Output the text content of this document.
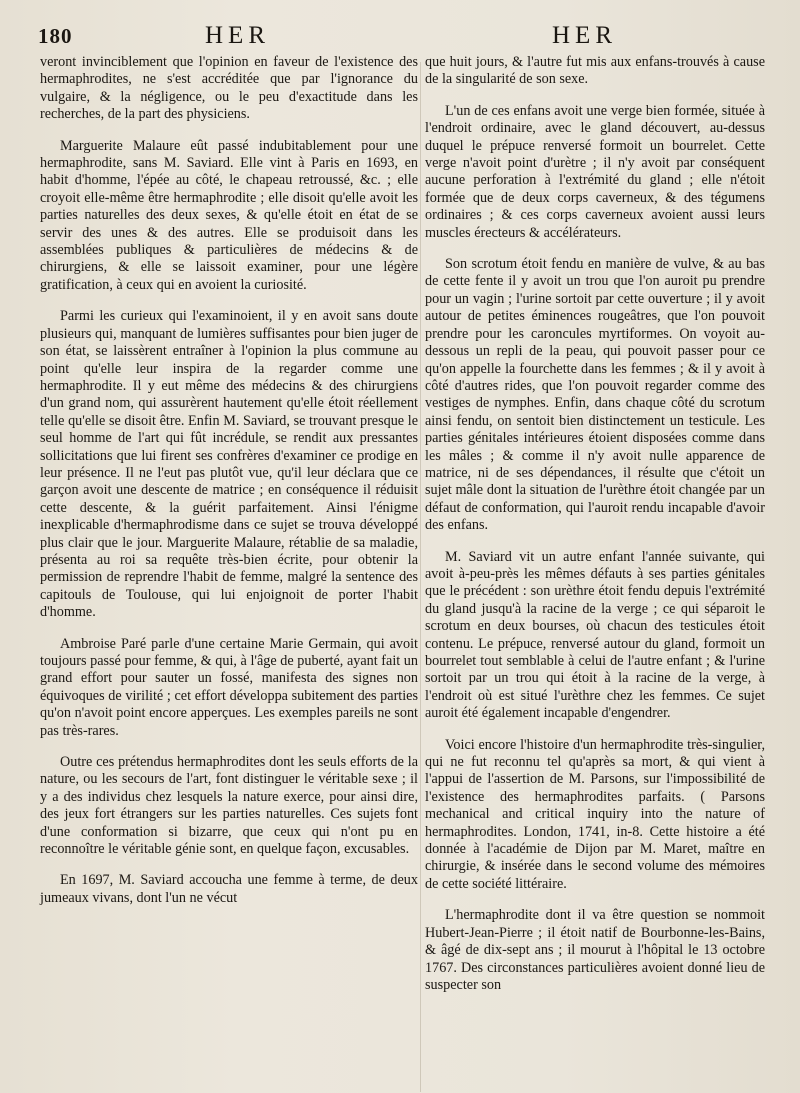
180	HER	HER

veront invinciblement que l'opinion en faveur de l'existence des hermaphrodites, ne s'est accréditée que par l'ignorance du vulgaire, & la négligence, ou le peu d'exactitude dans les recherches, de la part des physiciens.

Marguerite Malaure eût passé indubitablement pour une hermaphrodite, sans M. Saviard. Elle vint à Paris en 1693, en habit d'homme, l'épée au côté, le chapeau retroussé, &c. ; elle croyoit elle-même être hermaphrodite ; elle disoit qu'elle avoit les parties naturelles des deux sexes, & qu'elle étoit en état de se servir des unes & des autres. Elle se produisoit dans les assemblées publiques & particulières de médecins & de chirurgiens, & elle se laissoit examiner, pour une légère gratification, à ceux qui en avoient la curiosité.

Parmi les curieux qui l'examinoient, il y en avoit sans doute plusieurs qui, manquant de lumières suffisantes pour bien juger de son état, se laissèrent entraîner à l'opinion la plus commune au point qu'elle leur inspira de la regarder comme une hermaphrodite. Il y eut même des médecins & des chirurgiens d'un grand nom, qui assurèrent hautement qu'elle étoit réellement telle qu'elle se disoit être. Enfin M. Saviard, se trouvant presque le seul homme de l'art qui fût incrédule, se rendit aux pressantes sollicitations que lui firent ses confrères d'examiner ce prodige en leur présence. Il ne l'eut pas plutôt vue, qu'il leur déclara que ce garçon avoit une descente de matrice ; en conséquence il réduisit cette descente, & la guérit parfaitement. Ainsi l'énigme inexplicable d'hermaphrodisme dans ce sujet se trouva développé plus clair que le jour. Marguerite Malaure, rétablie de sa maladie, présenta au roi sa requête très-bien écrite, pour obtenir la permission de reprendre l'habit de femme, malgré la sentence des capitouls de Toulouse, qui lui enjoignoit de porter l'habit d'homme.

Ambroise Paré parle d'une certaine Marie Germain, qui avoit toujours passé pour femme, & qui, à l'âge de puberté, ayant fait un grand effort pour sauter un fossé, manifesta des signes non équivoques de virilité ; cet effort développa subitement des parties qu'on n'avoit point encore apperçues. Les exemples pareils ne sont pas très-rares.

Outre ces prétendus hermaphrodites dont les seuls efforts de la nature, ou les secours de l'art, font distinguer le véritable sexe ; il y a des individus chez lesquels la nature exerce, pour ainsi dire, des jeux fort étrangers sur les parties naturelles. Ces sujets font d'une conformation si bizarre, que ceux qui n'ont pu en reconnoître le véritable génie sont, en quelque façon, excusables.

En 1697, M. Saviard accoucha une femme à terme, de deux jumeaux vivans, dont l'un ne vécut

que huit jours, & l'autre fut mis aux enfans-trouvés à cause de la singularité de son sexe.

L'un de ces enfans avoit une verge bien formée, située à l'endroit ordinaire, avec le gland découvert, au-dessus duquel le prépuce renversé formoit un bourrelet. Cette verge n'avoit point d'urètre ; il n'y avoit par conséquent aucune perforation à l'extrémité du gland ; elle n'étoit formée que de deux corps caverneux, & des tégumens ordinaires ; & ces corps caverneux avoient aussi leurs muscles érecteurs & accélérateurs.

Son scrotum étoit fendu en manière de vulve, & au bas de cette fente il y avoit un trou que l'on auroit pu prendre pour un vagin ; l'urine sortoit par cette ouverture ; il y avoit autour de petites éminences rougeâtres, que l'on pouvoit prendre pour les caroncules myrtiformes. On voyoit au-dessous un repli de la peau, qui pouvoit passer pour ce qu'on appelle la fourchette dans les femmes ; & il y avoit à côté d'autres rides, que l'on pouvoit regarder comme des vestiges de nymphes. Enfin, dans chaque côté du scrotum ainsi fendu, on sentoit bien distinctement un testicule. Les parties génitales intérieures étoient disposées comme dans les mâles ; & comme il n'y avoit nulle apparence de matrice, ni de ses dépendances, il résulte que c'étoit un sujet mâle dont la situation de l'urèthre étoit changée par un défaut de conformation, qui l'auroit rendu incapable d'avoir des enfans.

M. Saviard vit un autre enfant l'année suivante, qui avoit à-peu-près les mêmes défauts à ses parties génitales que le précédent : son urèthre étoit fendu depuis l'extrémité du gland jusqu'à la racine de la verge ; ce qui séparoit le scrotum en deux bourses, où chacun des testicules étoit contenu. Le prépuce, renversé autour du gland, formoit un bourrelet tout semblable à celui de l'autre enfant ; & l'urine sortoit par un trou qui étoit à la racine de la verge, à l'endroit où est situé l'urèthre chez les femmes. Ce sujet auroit été également incapable d'engendrer.

Voici encore l'histoire d'un hermaphrodite très-singulier, qui ne fut reconnu tel qu'après sa mort, & qui vient à l'appui de l'assertion de M. Parsons, sur l'impossibilité de l'existence des hermaphrodites parfaits. ( Parsons mechanical and critical inquiry into the nature of hermaphrodites. London, 1741, in-8. Cette histoire a été donnée à l'académie de Dijon par M. Maret, maître en chirurgie, & insérée dans le second volume des mémoires de cette société littéraire.

L'hermaphrodite dont il va être question se nommoit Hubert-Jean-Pierre ; il étoit natif de Bourbonne-les-Bains, & âgé de dix-sept ans ; il mourut à l'hôpital le 13 octobre 1767. Des circonstances particulières avoient donné lieu de suspecter son
